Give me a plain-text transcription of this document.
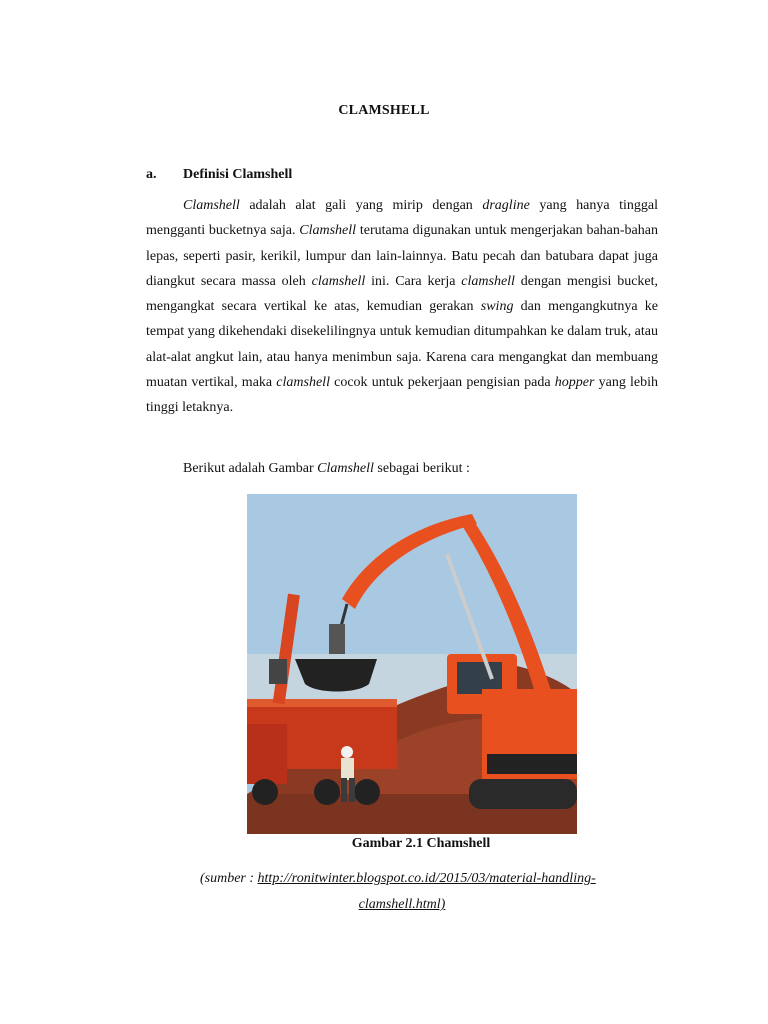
CLAMSHELL
a. Definisi Clamshell

Clamshell adalah alat gali yang mirip dengan dragline yang hanya tinggal mengganti bucketnya saja. Clamshell terutama digunakan untuk mengerjakan bahan-bahan lepas, seperti pasir, kerikil, lumpur dan lain-lainnya. Batu pecah dan batubara dapat juga diangkut secara massa oleh clamshell ini. Cara kerja clamshell dengan mengisi bucket, mengangkat secara vertikal ke atas, kemudian gerakan swing dan mengangkutnya ke tempat yang dikehendaki disekelilingnya untuk kemudian ditumpahkan ke dalam truk, atau alat-alat angkut lain, atau hanya menimbun saja. Karena cara mengangkat dan membuang muatan vertikal, maka clamshell cocok untuk pekerjaan pengisian pada hopper yang lebih tinggi letaknya.

Berikut adalah Gambar Clamshell sebagai berikut :
Gambar 2.1 Chamshell
(sumber : http://ronitwinter.blogspot.co.id/2015/03/material-handling-
clamshell.html)
